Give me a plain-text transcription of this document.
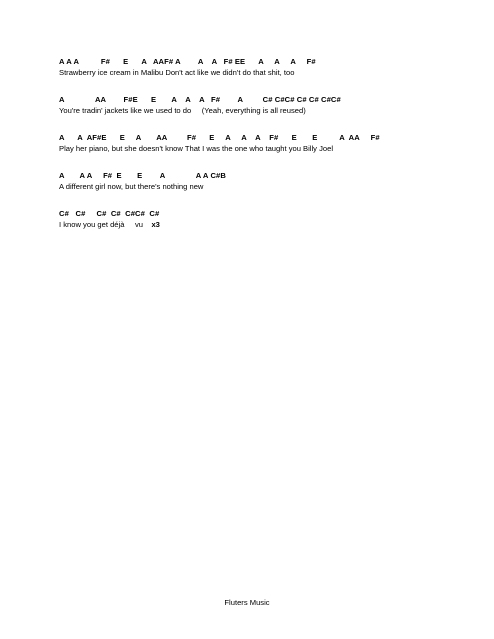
A A A          F#      E      A   AAF# A        A    A   F# EE      A     A     A     F#
Strawberry ice cream in Malibu Don't act like we didn't do that shit, too
A              AA        F#E      E       A    A    A   F#        A         C# C#C# C# C# C#C#
You're tradin' jackets like we used to do     (Yeah, everything is all reused)
A      A  AF#E      E     A       AA         F#      E     A     A    A    F#      E       E          A  AA     F#
Play her piano, but she doesn't know That I was the one who taught you Billy Joel
A       A A     F#  E       E        A              A A C#B
A different girl now, but there's nothing new
C#   C#     C#  C#  C#C#  C#
I know you get déjà     vu    x3
Fluters Music
